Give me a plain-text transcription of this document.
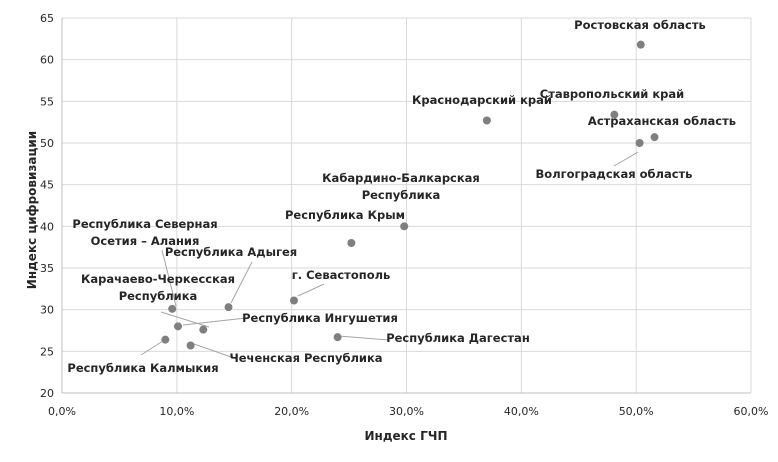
0,0%	10,0%	20,0%	30,0%	40,0%	50,0%	60,0%
20
25
30
35
40
45
50
55
60
65	Ростовская область
Ставропольский край
Краснодарский край
Астраханская область
Волгоградская область
Кабардино-Балкарская Республика
Республика Крым
г. Севастополь
Республика Адыгея
Республика Северная Осетия – Алания
Карачаево-Черкесская Республика
Республика Ингушетия
Республика Дагестан
Республика Калмыкия
Чеченская Республика
Индекс ГЧП
Индекс цифровизации
